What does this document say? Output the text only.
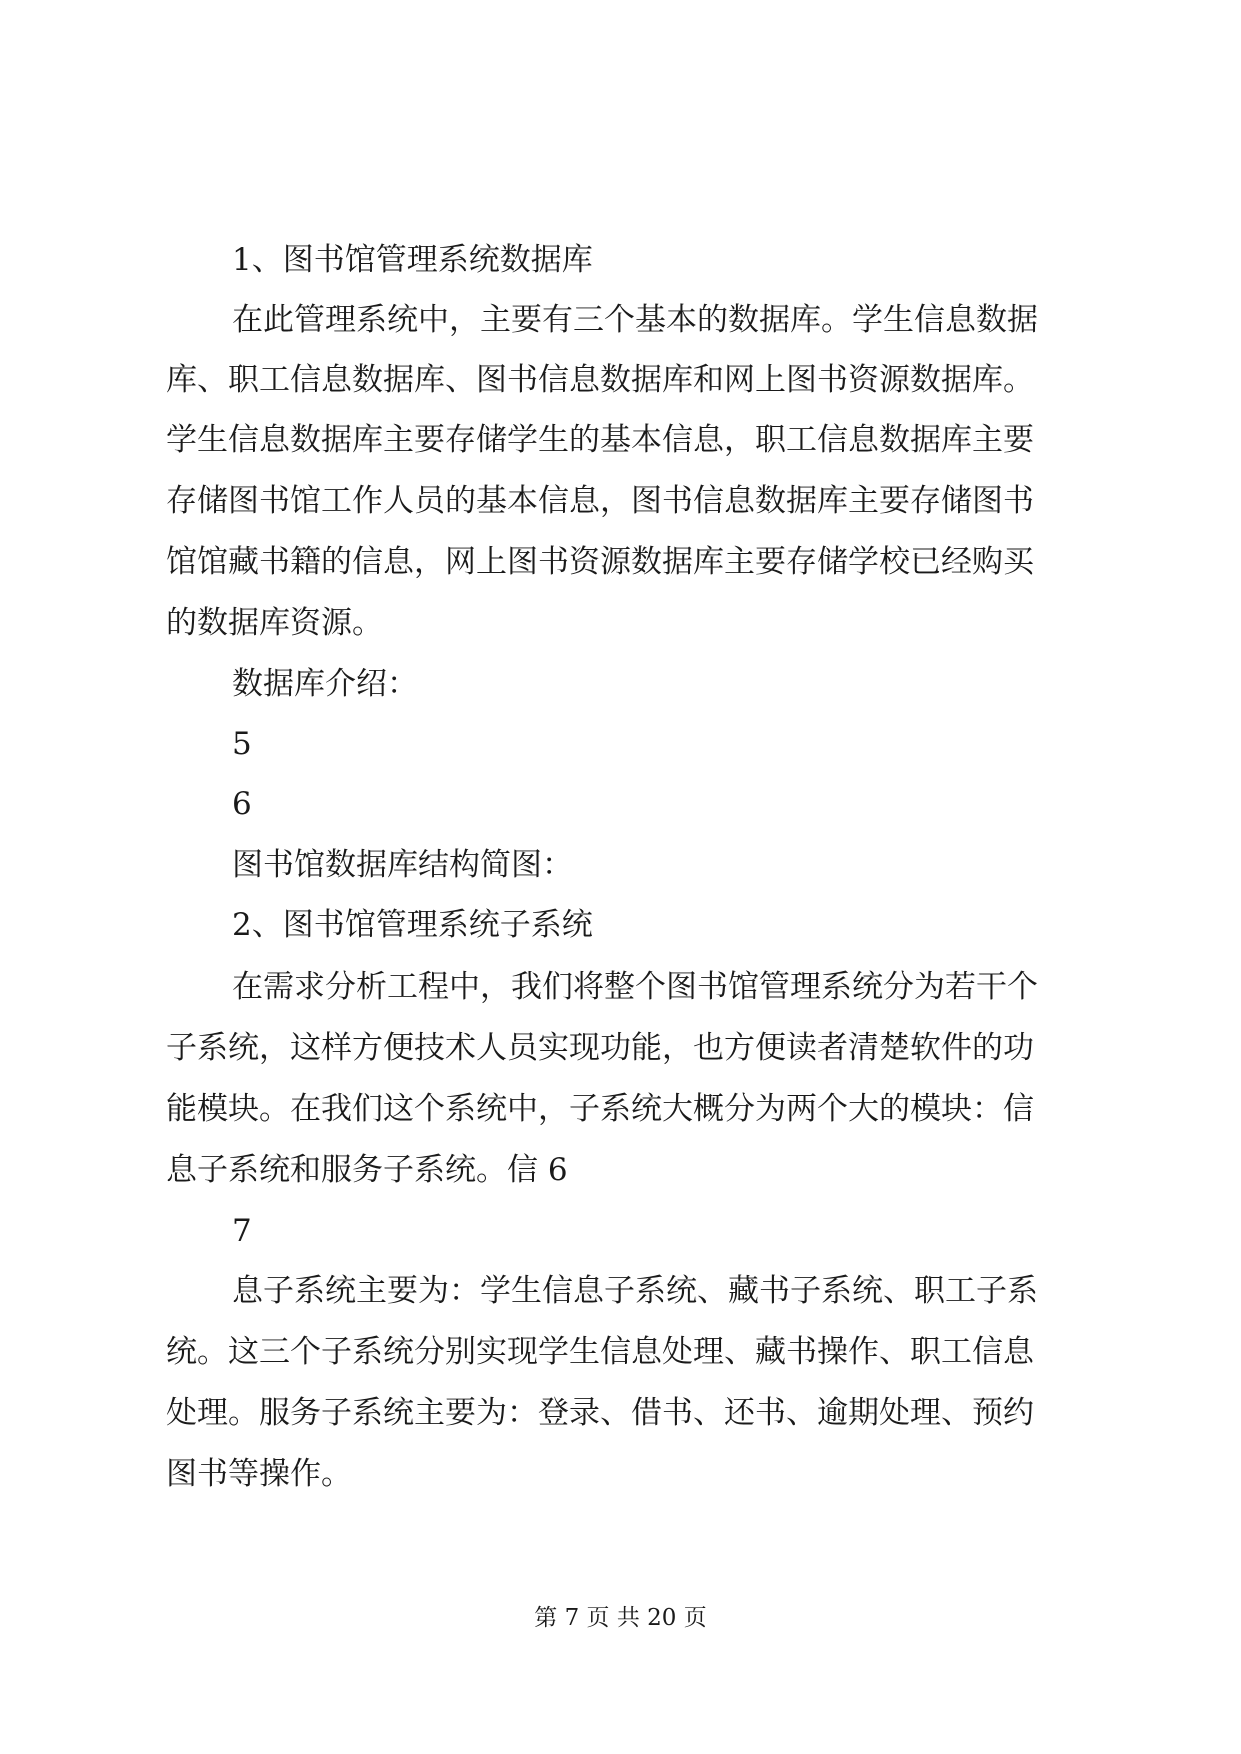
1、图书馆管理系统数据库
在此管理系统中，主要有三个基本的数据库。学生信息数据
库、职工信息数据库、图书信息数据库和网上图书资源数据库。
学生信息数据库主要存储学生的基本信息，职工信息数据库主要
存储图书馆工作人员的基本信息，图书信息数据库主要存储图书
馆馆藏书籍的信息，网上图书资源数据库主要存储学校已经购买
的数据库资源。
数据库介绍：
5
6
图书馆数据库结构简图：
2、图书馆管理系统子系统
在需求分析工程中，我们将整个图书馆管理系统分为若干个
子系统，这样方便技术人员实现功能，也方便读者清楚软件的功
能模块。在我们这个系统中，子系统大概分为两个大的模块：信
息子系统和服务子系统。信 6
7
息子系统主要为：学生信息子系统、藏书子系统、职工子系
统。这三个子系统分别实现学生信息处理、藏书操作、职工信息
处理。服务子系统主要为：登录、借书、还书、逾期处理、预约
图书等操作。
第 7 页 共 20 页
